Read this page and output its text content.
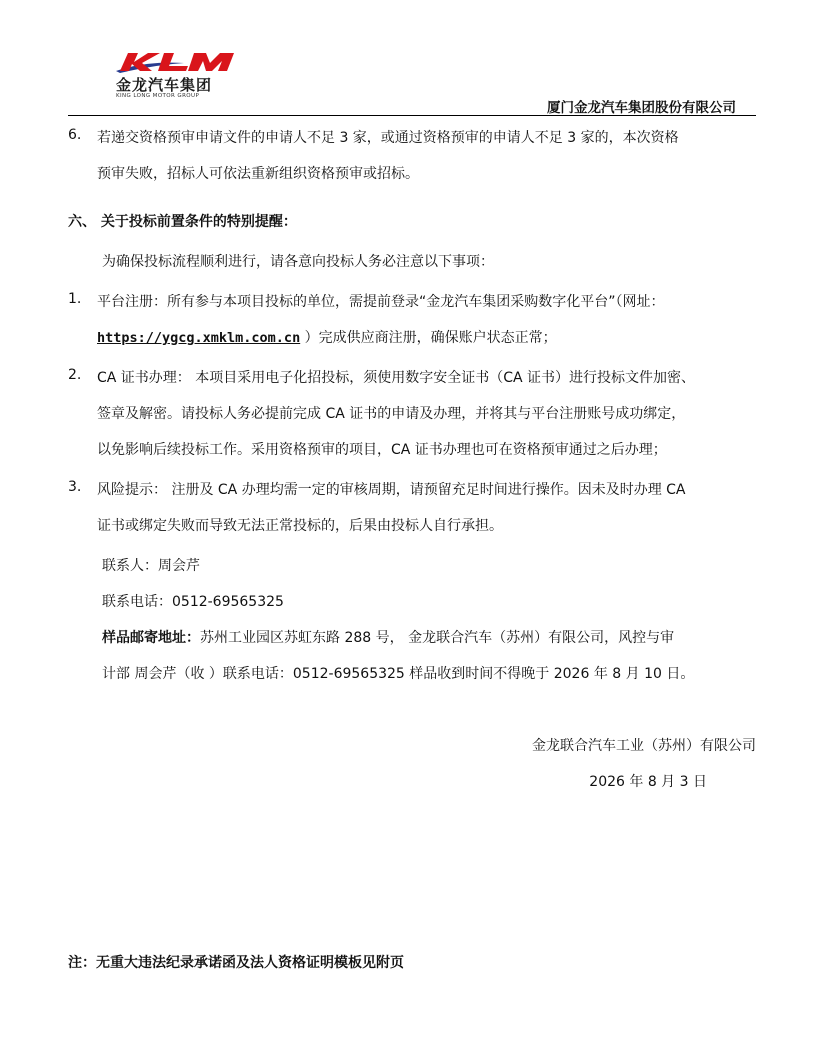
金龙汽车集团
KING LONG MOTOR GROUP
厦门金龙汽车集团股份有限公司
6. 若递交资格预审申请文件的申请人不足 3 家，或通过资格预审的申请人不足 3 家的，本次资格
预审失败，招标人可依法重新组织资格预审或招标。
六、 关于投标前置条件的特别提醒：
为确保投标流程顺利进行，请各意向投标人务必注意以下事项：
1. 平台注册：所有参与本项目投标的单位，需提前登录“金龙汽车集团采购数字化平台”（网址：
https://ygcg.xmklm.com.cn ）完成供应商注册，确保账户状态正常；
2. CA 证书办理： 本项目采用电子化招投标，须使用数字安全证书（CA 证书）进行投标文件加密、
签章及解密。请投标人务必提前完成 CA 证书的申请及办理，并将其与平台注册账号成功绑定，
以免影响后续投标工作。采用资格预审的项目，CA 证书办理也可在资格预审通过之后办理；
3. 风险提示： 注册及 CA 办理均需一定的审核周期，请预留充足时间进行操作。因未及时办理 CA
证书或绑定失败而导致无法正常投标的，后果由投标人自行承担。
联系人：周会芹
联系电话：0512-69565325
样品邮寄地址：苏州工业园区苏虹东路 288 号， 金龙联合汽车（苏州）有限公司，风控与审
计部 周会芹（收 ）联系电话：0512-69565325 样品收到时间不得晚于 2026 年 8 月 10 日。
金龙联合汽车工业（苏州）有限公司
2026 年 8 月 3 日
注：无重大违法纪录承诺函及法人资格证明模板见附页
